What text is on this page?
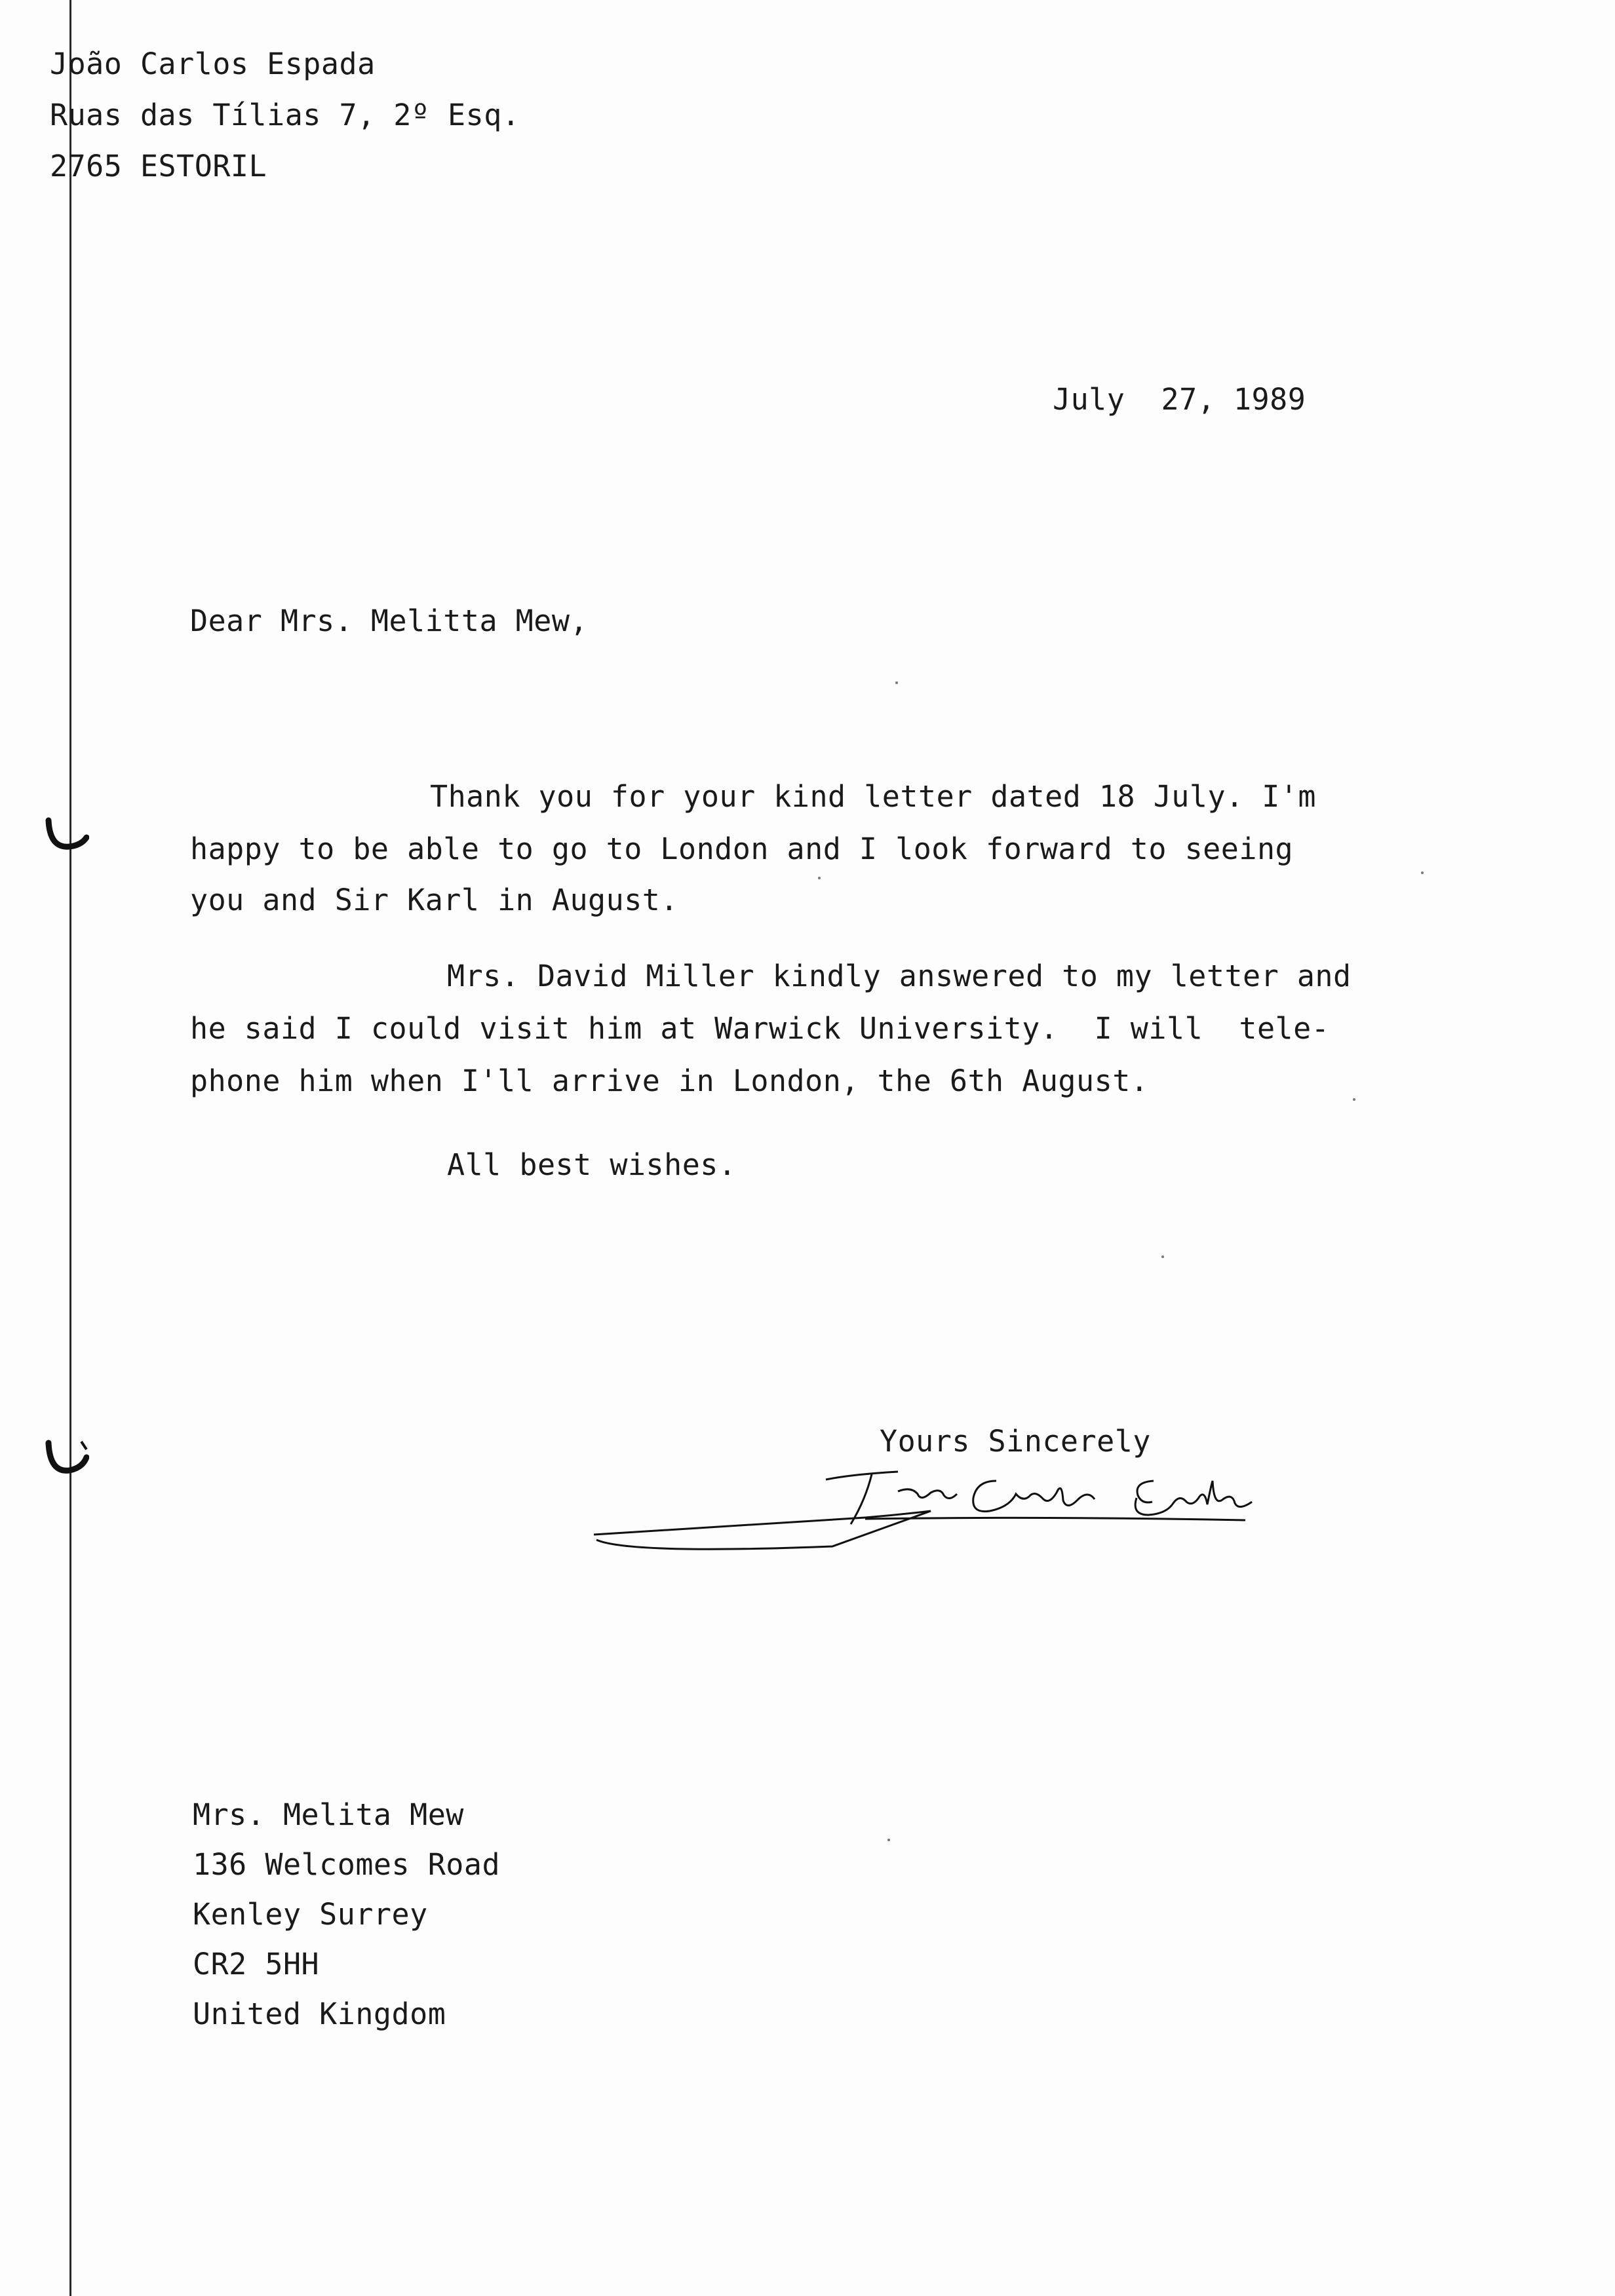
João Carlos Espada
Ruas das Tílias 7, 2º Esq.
2765 ESTORIL
July  27, 1989
Dear Mrs. Melitta Mew,
Thank you for your kind letter dated 18 July. I'm
happy to be able to go to London and I look forward to seeing
you and Sir Karl in August.
Mrs. David Miller kindly answered to my letter and
he said I could visit him at Warwick University.  I will  tele-
phone him when I'll arrive in London, the 6th August.
All best wishes.
Yours Sincerely
Mrs. Melita Mew
136 Welcomes Road
Kenley Surrey
CR2 5HH
United Kingdom
